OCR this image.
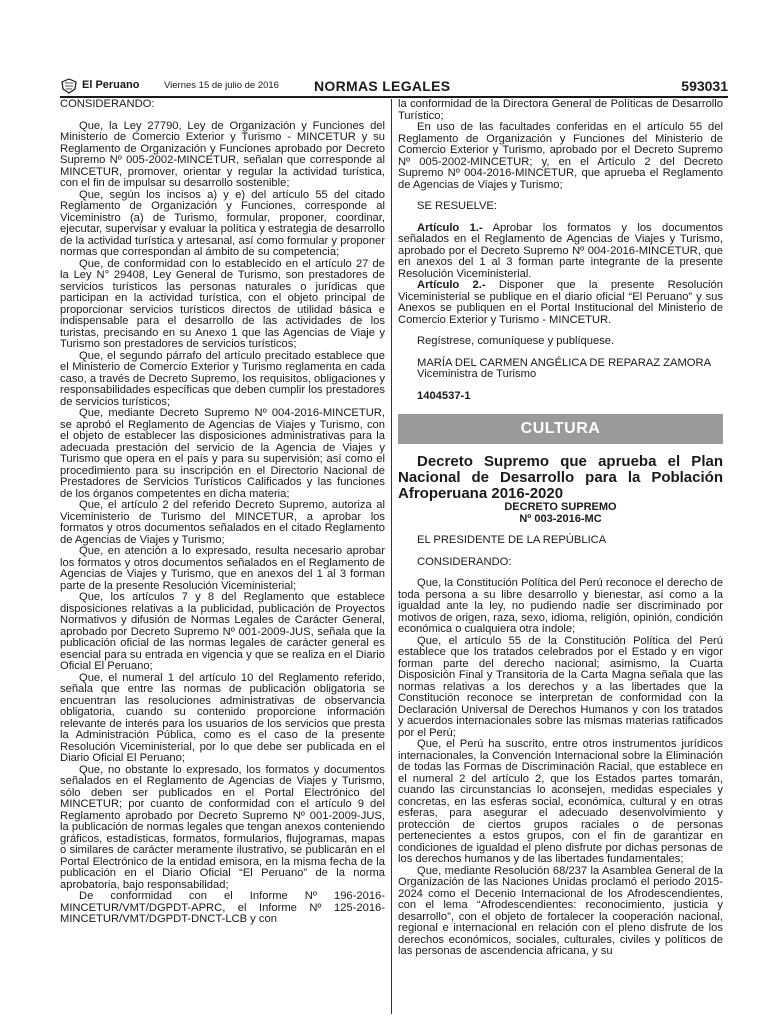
El Peruano	Viernes 15 de julio de 2016	NORMAS LEGALES	593031

CONSIDERANDO:

Que, la Ley 27790, Ley de Organización y Funciones del Ministerio de Comercio Exterior y Turismo - MINCETUR y su Reglamento de Organización y Funciones aprobado por Decreto Supremo Nº 005-2002-MINCETUR, señalan que corresponde al MINCETUR, promover, orientar y regular la actividad turística, con el fin de impulsar su desarrollo sostenible;

Que, según los incisos a) y e) del artículo 55 del citado Reglamento de Organización y Funciones, corresponde al Viceministro (a) de Turismo, formular, proponer, coordinar, ejecutar, supervisar y evaluar la política y estrategia de desarrollo de la actividad turística y artesanal, así como formular y proponer normas que correspondan al ámbito de su competencia;

Que, de conformidad con lo establecido en el artículo 27 de la Ley N° 29408, Ley General de Turismo, son prestadores de servicios turísticos las personas naturales o jurídicas que participan en la actividad turística, con el objeto principal de proporcionar servicios turísticos directos de utilidad básica e indispensable para el desarrollo de las actividades de los turistas, precisando en su Anexo 1 que las Agencias de Viaje y Turismo son prestadores de servicios turísticos;

Que, el segundo párrafo del artículo precitado establece que el Ministerio de Comercio Exterior y Turismo reglamenta en cada caso, a través de Decreto Supremo, los requisitos, obligaciones y responsabilidades específicas que deben cumplir los prestadores de servicios turísticos;

Que, mediante Decreto Supremo Nº 004-2016-MINCETUR, se aprobó el Reglamento de Agencias de Viajes y Turismo, con el objeto de establecer las disposiciones administrativas para la adecuada prestación del servicio de la Agencia de Viajes y Turismo que opera en el país y para su supervisión; así como el procedimiento para su inscripción en el Directorio Nacional de Prestadores de Servicios Turísticos Calificados y las funciones de los órganos competentes en dicha materia;

Que, el artículo 2 del referido Decreto Supremo, autoriza al Viceministerio de Turismo del MINCETUR, a aprobar los formatos y otros documentos señalados en el citado Reglamento de Agencias de Viajes y Turismo;

Que, en atención a lo expresado, resulta necesario aprobar los formatos y otros documentos señalados en el Reglamento de Agencias de Viajes y Turismo, que en anexos del 1 al 3 forman parte de la presente Resolución Viceministerial;

Que, los artículos 7 y 8 del Reglamento que establece disposiciones relativas a la publicidad, publicación de Proyectos Normativos y difusión de Normas Legales de Carácter General, aprobado por Decreto Supremo Nº 001-2009-JUS, señala que la publicación oficial de las normas legales de carácter general es esencial para su entrada en vigencia y que se realiza en el Diario Oficial El Peruano;

Que, el numeral 1 del artículo 10 del Reglamento referido, señala que entre las normas de publicación obligatoria se encuentran las resoluciones administrativas de observancia obligatoria, cuando su contenido proporcione información relevante de interés para los usuarios de los servicios que presta la Administración Pública, como es el caso de la presente Resolución Viceministerial, por lo que debe ser publicada en el Diario Oficial El Peruano;

Que, no obstante lo expresado, los formatos y documentos señalados en el Reglamento de Agencias de Viajes y Turismo, sólo deben ser publicados en el Portal Electrónico del MINCETUR; por cuanto de conformidad con el artículo 9 del Reglamento aprobado por Decreto Supremo Nº 001-2009-JUS, la publicación de normas legales que tengan anexos conteniendo gráficos, estadísticas, formatos, formularios, flujogramas, mapas o similares de carácter meramente ilustrativo, se publicarán en el Portal Electrónico de la entidad emisora, en la misma fecha de la publicación en el Diario Oficial “El Peruano” de la norma aprobatoria, bajo responsabilidad;

De conformidad con el Informe Nº 196-2016-MINCETUR/VMT/DGPDT-APRC, el Informe Nº 125-2016-MINCETUR/VMT/DGPDT-DNCT-LCB y con

la conformidad de la Directora General de Políticas de Desarrollo Turístico;

En uso de las facultades conferidas en el artículo 55 del Reglamento de Organización y Funciones del Ministerio de Comercio Exterior y Turismo, aprobado por el Decreto Supremo Nº 005-2002-MINCETUR; y, en el Artículo 2 del Decreto Supremo Nº 004-2016-MINCETUR, que aprueba el Reglamento de Agencias de Viajes y Turismo;

SE RESUELVE:

Artículo 1.- Aprobar los formatos y los documentos señalados en el Reglamento de Agencias de Viajes y Turismo, aprobado por el Decreto Supremo Nº 004-2016-MINCETUR, que en anexos del 1 al 3 forman parte integrante de la presente Resolución Viceministerial.

Artículo 2.- Disponer que la presente Resolución Viceministerial se publique en el diario oficial “El Peruano” y sus Anexos se publiquen en el Portal Institucional del Ministerio de Comercio Exterior y Turismo - MINCETUR.

Regístrese, comuníquese y publíquese.

MARÍA DEL CARMEN ANGÉLICA DE REPARAZ ZAMORA

Viceministra de Turismo

1404537-1

CULTURA

Decreto Supremo que aprueba el Plan Nacional de Desarrollo para la Población Afroperuana 2016-2020

DECRETO SUPREMO
Nº 003-2016-MC

EL PRESIDENTE DE LA REPÚBLICA

CONSIDERANDO:

Que, la Constitución Política del Perú reconoce el derecho de toda persona a su libre desarrollo y bienestar, así como a la igualdad ante la ley, no pudiendo nadie ser discriminado por motivos de origen, raza, sexo, idioma, religión, opinión, condición económica o cualquiera otra índole;

Que, el artículo 55 de la Constitución Política del Perú establece que los tratados celebrados por el Estado y en vigor forman parte del derecho nacional; asimismo, la Cuarta Disposición Final y Transitoria de la Carta Magna señala que las normas relativas a los derechos y a las libertades que la Constitución reconoce se interpretan de conformidad con la Declaración Universal de Derechos Humanos y con los tratados y acuerdos internacionales sobre las mismas materias ratificados por el Perú;

Que, el Perú ha suscrito, entre otros instrumentos jurídicos internacionales, la Convención Internacional sobre la Eliminación de todas las Formas de Discriminación Racial, que establece en el numeral 2 del artículo 2, que los Estados partes tomarán, cuando las circunstancias lo aconsejen, medidas especiales y concretas, en las esferas social, económica, cultural y en otras esferas, para asegurar el adecuado desenvolvimiento y protección de ciertos grupos raciales o de personas pertenecientes a estos grupos, con el fin de garantizar en condiciones de igualdad el pleno disfrute por dichas personas de los derechos humanos y de las libertades fundamentales;

Que, mediante Resolución 68/237 la Asamblea General de la Organización de las Naciones Unidas proclamó el periodo 2015-2024 como el Decenio Internacional de los Afrodescendientes, con el lema “Afrodescendientes: reconocimiento, justicia y desarrollo”, con el objeto de fortalecer la cooperación nacional, regional e internacional en relación con el pleno disfrute de los derechos económicos, sociales, culturales, civiles y políticos de las personas de ascendencia africana, y su
